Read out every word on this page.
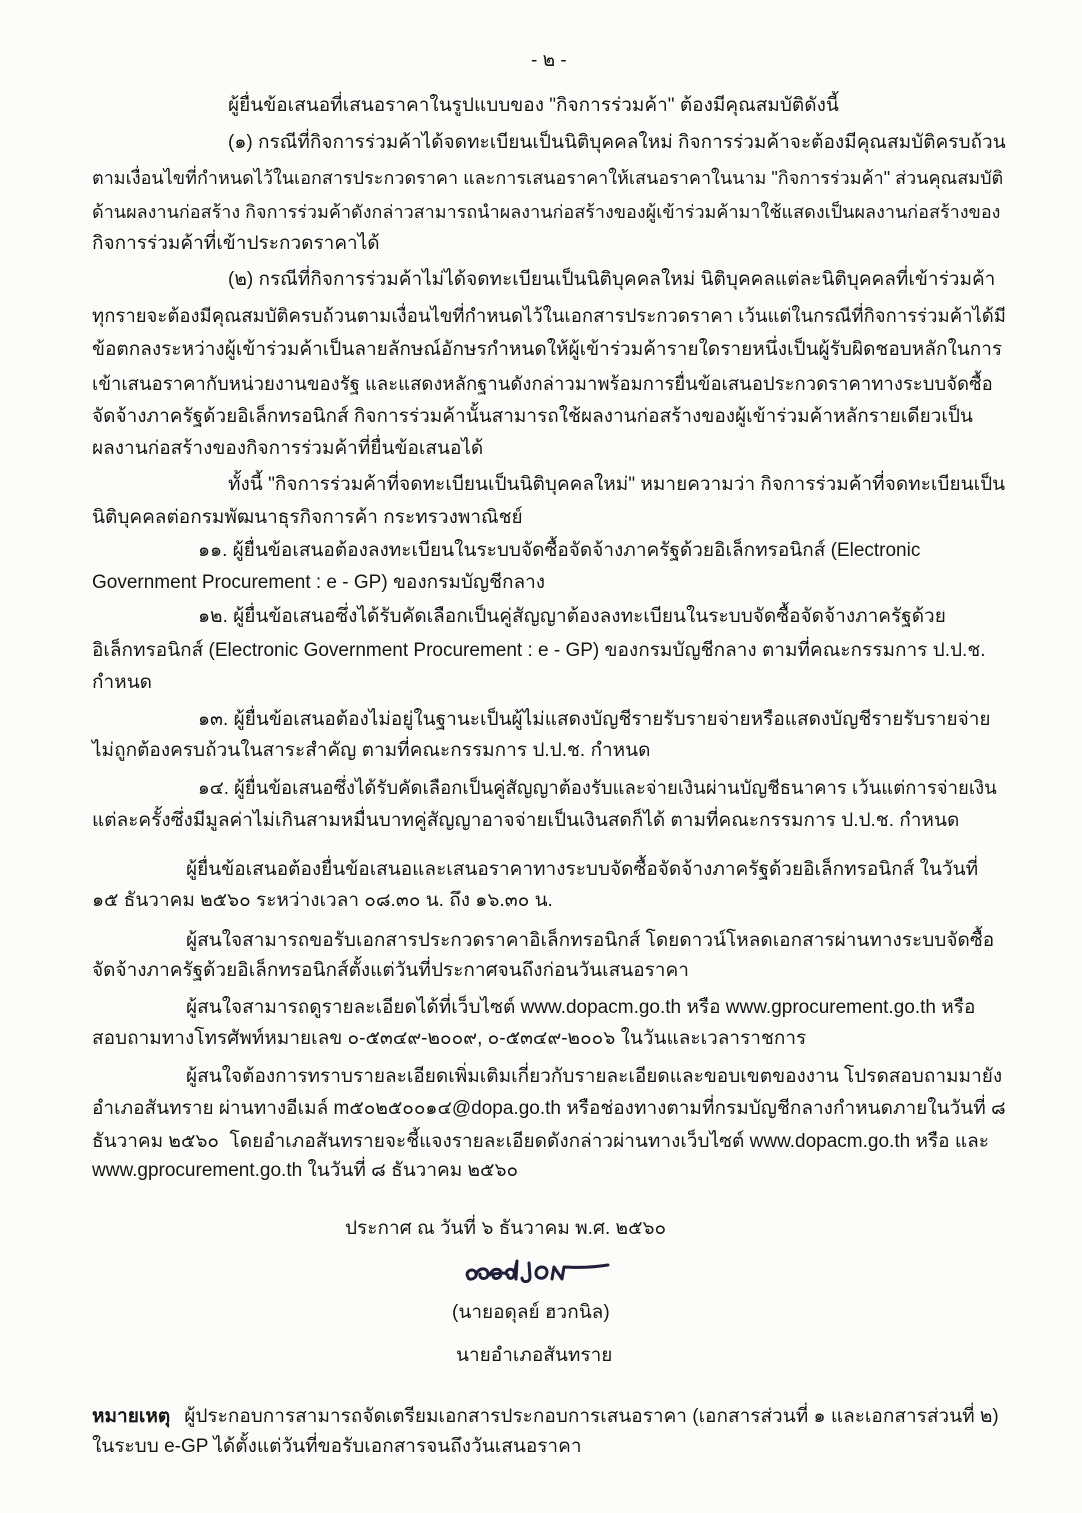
- ๒ -
ผู้ยื่นข้อเสนอที่เสนอราคาในรูปแบบของ "กิจการร่วมค้า" ต้องมีคุณสมบัติดังนี้
(๑) กรณีที่กิจการร่วมค้าได้จดทะเบียนเป็นนิติบุคคลใหม่ กิจการร่วมค้าจะต้องมีคุณสมบัติครบถ้วน
ตามเงื่อนไขที่กำหนดไว้ในเอกสารประกวดราคา และการเสนอราคาให้เสนอราคาในนาม "กิจการร่วมค้า" ส่วนคุณสมบัติ
ด้านผลงานก่อสร้าง กิจการร่วมค้าดังกล่าวสามารถนำผลงานก่อสร้างของผู้เข้าร่วมค้ามาใช้แสดงเป็นผลงานก่อสร้างของ
กิจการร่วมค้าที่เข้าประกวดราคาได้
(๒) กรณีที่กิจการร่วมค้าไม่ได้จดทะเบียนเป็นนิติบุคคลใหม่ นิติบุคคลแต่ละนิติบุคคลที่เข้าร่วมค้า
ทุกรายจะต้องมีคุณสมบัติครบถ้วนตามเงื่อนไขที่กำหนดไว้ในเอกสารประกวดราคา เว้นแต่ในกรณีที่กิจการร่วมค้าได้มี
ข้อตกลงระหว่างผู้เข้าร่วมค้าเป็นลายลักษณ์อักษรกำหนดให้ผู้เข้าร่วมค้ารายใดรายหนึ่งเป็นผู้รับผิดชอบหลักในการ
เข้าเสนอราคากับหน่วยงานของรัฐ และแสดงหลักฐานดังกล่าวมาพร้อมการยื่นข้อเสนอประกวดราคาทางระบบจัดซื้อ
จัดจ้างภาครัฐด้วยอิเล็กทรอนิกส์ กิจการร่วมค้านั้นสามารถใช้ผลงานก่อสร้างของผู้เข้าร่วมค้าหลักรายเดียวเป็น
ผลงานก่อสร้างของกิจการร่วมค้าที่ยื่นข้อเสนอได้
ทั้งนี้ "กิจการร่วมค้าที่จดทะเบียนเป็นนิติบุคคลใหม่" หมายความว่า กิจการร่วมค้าที่จดทะเบียนเป็น
นิติบุคคลต่อกรมพัฒนาธุรกิจการค้า กระทรวงพาณิชย์
๑๑. ผู้ยื่นข้อเสนอต้องลงทะเบียนในระบบจัดซื้อจัดจ้างภาครัฐด้วยอิเล็กทรอนิกส์ (Electronic
Government Procurement : e - GP) ของกรมบัญชีกลาง
๑๒. ผู้ยื่นข้อเสนอซึ่งได้รับคัดเลือกเป็นคู่สัญญาต้องลงทะเบียนในระบบจัดซื้อจัดจ้างภาครัฐด้วย
อิเล็กทรอนิกส์ (Electronic Government Procurement : e - GP) ของกรมบัญชีกลาง ตามที่คณะกรรมการ ป.ป.ช.
กำหนด
๑๓. ผู้ยื่นข้อเสนอต้องไม่อยู่ในฐานะเป็นผู้ไม่แสดงบัญชีรายรับรายจ่ายหรือแสดงบัญชีรายรับรายจ่าย
ไม่ถูกต้องครบถ้วนในสาระสำคัญ ตามที่คณะกรรมการ ป.ป.ช. กำหนด
๑๔. ผู้ยื่นข้อเสนอซึ่งได้รับคัดเลือกเป็นคู่สัญญาต้องรับและจ่ายเงินผ่านบัญชีธนาคาร เว้นแต่การจ่ายเงิน
แต่ละครั้งซึ่งมีมูลค่าไม่เกินสามหมื่นบาทคู่สัญญาอาจจ่ายเป็นเงินสดก็ได้ ตามที่คณะกรรมการ ป.ป.ช. กำหนด
ผู้ยื่นข้อเสนอต้องยื่นข้อเสนอและเสนอราคาทางระบบจัดซื้อจัดจ้างภาครัฐด้วยอิเล็กทรอนิกส์ ในวันที่
๑๕ ธันวาคม ๒๕๖๐ ระหว่างเวลา ๐๘.๓๐ น. ถึง ๑๖.๓๐ น.
ผู้สนใจสามารถขอรับเอกสารประกวดราคาอิเล็กทรอนิกส์ โดยดาวน์โหลดเอกสารผ่านทางระบบจัดซื้อ
จัดจ้างภาครัฐด้วยอิเล็กทรอนิกส์ตั้งแต่วันที่ประกาศจนถึงก่อนวันเสนอราคา
ผู้สนใจสามารถดูรายละเอียดได้ที่เว็บไซต์ www.dopacm.go.th หรือ www.gprocurement.go.th หรือ
สอบถามทางโทรศัพท์หมายเลข ๐-๕๓๔๙-๒๐๐๙, ๐-๕๓๔๙-๒๐๐๖ ในวันและเวลาราชการ
ผู้สนใจต้องการทราบรายละเอียดเพิ่มเติมเกี่ยวกับรายละเอียดและขอบเขตของงาน โปรดสอบถามมายัง
อำเภอสันทราย ผ่านทางอีเมล์ m๕๐๒๕๐๐๑๔@dopa.go.th หรือช่องทางตามที่กรมบัญชีกลางกำหนดภายในวันที่ ๘
ธันวาคม ๒๕๖๐  โดยอำเภอสันทรายจะชี้แจงรายละเอียดดังกล่าวผ่านทางเว็บไซต์ www.dopacm.go.th หรือ และ
www.gprocurement.go.th ในวันที่ ๘ ธันวาคม ๒๕๖๐
ประกาศ ณ วันที่ ๖ ธันวาคม พ.ศ. ๒๕๖๐
(นายอดุลย์ ฮวกนิล)
นายอำเภอสันทราย
หมายเหตุ ผู้ประกอบการสามารถจัดเตรียมเอกสารประกอบการเสนอราคา (เอกสารส่วนที่ ๑ และเอกสารส่วนที่ ๒)
ในระบบ e-GP ได้ตั้งแต่วันที่ขอรับเอกสารจนถึงวันเสนอราคา
